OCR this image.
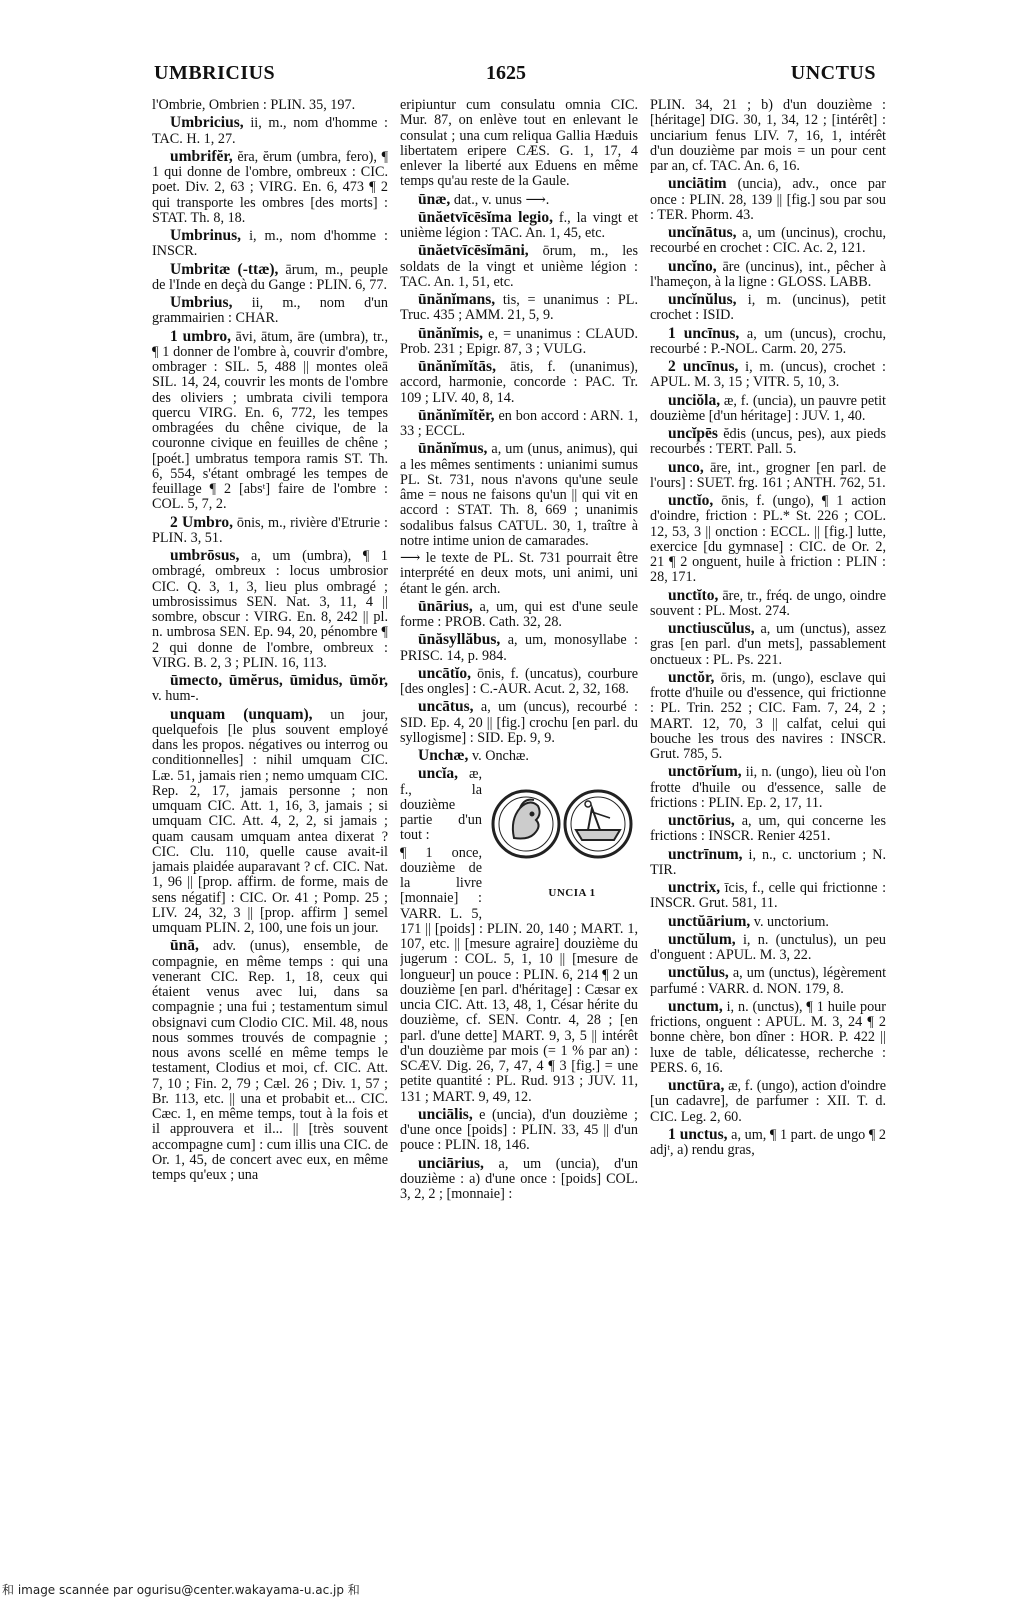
UMBRICIUS	1625	UNCTUS

l'Ombrie, Ombrien : PLIN. 35, 197.

Umbricius, ii, m., nom d'homme : TAC. H. 1, 27.

umbrifĕr, ĕra, ĕrum (umbra, fero), ¶ 1 qui donne de l'ombre, ombreux : CIC. poet. Div. 2, 63 ; VIRG. En. 6, 473 ¶ 2 qui transporte les ombres [des morts] : STAT. Th. 8, 18.

Umbrinus, i, m., nom d'homme : INSCR.

Umbritæ (-ttæ), ārum, m., peuple de l'Inde en deçà du Gange : PLIN. 6, 77.

Umbrius, ii, m., nom d'un grammairien : CHAR.

1 umbro, āvi, ātum, āre (umbra), tr., ¶ 1 donner de l'ombre à, couvrir d'ombre, ombrager : SIL. 5, 488 || montes oleā SIL. 14, 24, couvrir les monts de l'ombre des oliviers ; umbrata civili tempora quercu VIRG. En. 6, 772, les tempes ombragées du chêne civique, de la couronne civique en feuilles de chêne ; [poét.] umbratus tempora ramis ST. Th. 6, 554, s'étant ombragé les tempes de feuillage ¶ 2 [absᵗ] faire de l'ombre : COL. 5, 7, 2.

2 Umbro, ōnis, m., rivière d'Etrurie : PLIN. 3, 51.

umbrōsus, a, um (umbra), ¶ 1 ombragé, ombreux : locus umbrosior CIC. Q. 3, 1, 3, lieu plus ombragé ; umbrosissimus SEN. Nat. 3, 11, 4 || sombre, obscur : VIRG. En. 8, 242 || pl. n. umbrosa SEN. Ep. 94, 20, pénombre ¶ 2 qui donne de l'ombre, ombreux : VIRG. B. 2, 3 ; PLIN. 16, 113.

ūmecto, ūmĕrus, ūmidus, ūmŏr, v. hum-.

unquam (unquam), un jour, quelquefois [le plus souvent employé dans les propos. négatives ou interrog ou conditionnelles] : nihil umquam CIC. Læ. 51, jamais rien ; nemo umquam CIC. Rep. 2, 17, jamais personne ; non umquam CIC. Att. 1, 16, 3, jamais ; si umquam CIC. Att. 4, 2, 2, si jamais ; quam causam umquam antea dixerat ? CIC. Clu. 110, quelle cause avait-il jamais plaidée auparavant ? cf. CIC. Nat. 1, 96 || [prop. affirm. de forme, mais de sens négatif] : CIC. Or. 41 ; Pomp. 25 ; LIV. 24, 32, 3 || [prop. affirm ] semel umquam PLIN. 2, 100, une fois un jour.

ūnā, adv. (unus), ensemble, de compagnie, en même temps : qui una venerant CIC. Rep. 1, 18, ceux qui étaient venus avec lui, dans sa compagnie ; una fui ; testamentum simul obsignavi cum Clodio CIC. Mil. 48, nous nous sommes trouvés de compagnie ; nous avons scellé en même temps le testament, Clodius et moi, cf. CIC. Att. 7, 10 ; Fin. 2, 79 ; Cæl. 26 ; Div. 1, 57 ; Br. 113, etc. || una et probabit et... CIC. Cæc. 1, en même temps, tout à la fois et il approuvera et il... || [très souvent accompagne cum] : cum illis una CIC. de Or. 1, 45, de concert avec eux, en même temps qu'eux ; una

eripiuntur cum consulatu omnia CIC. Mur. 87, on enlève tout en enlevant le consulat ; una cum reliqua Gallia Hæduis libertatem eripere CÆS. G. 1, 17, 4 enlever la liberté aux Eduens en même temps qu'au reste de la Gaule.

ūnæ, dat., v. unus ⟶.

ūnăetvīcēsĭma legio, f., la vingt et unième légion : TAC. An. 1, 45, etc.

ūnăetvīcēsĭmāni, ōrum, m., les soldats de la vingt et unième légion : TAC. An. 1, 51, etc.

ūnănĭmans, tis, = unanimus : PL. Truc. 435 ; AMM. 21, 5, 9.

ūnănĭmis, e, = unanimus : CLAUD. Prob. 231 ; Epigr. 87, 3 ; VULG.

ūnănĭmĭtās, ātis, f. (unanimus), accord, harmonie, concorde : PAC. Tr. 109 ; LIV. 40, 8, 14.

ūnănĭmĭtĕr, en bon accord : ARN. 1, 33 ; ECCL.

ūnănĭmus, a, um (unus, animus), qui a les mêmes sentiments : unianimi sumus PL. St. 731, nous n'avons qu'une seule âme = nous ne faisons qu'un || qui vit en accord : STAT. Th. 8, 669 ; unanimis sodalibus falsus CATUL. 30, 1, traître à notre intime union de camarades.

⟶ le texte de PL. St. 731 pourrait être interprété en deux mots, uni animi, uni étant le gén. arch.

ūnārius, a, um, qui est d'une seule forme : PROB. Cath. 32, 28.

ūnăsyllăbus, a, um, monosyllabe : PRISC. 14, p. 984.

uncātĭo, ōnis, f. (uncatus), courbure [des ongles] : C.-AUR. Acut. 2, 32, 168.

uncātus, a, um (uncus), recourbé : SID. Ep. 4, 20 || [fig.] crochu [en parl. du syllogisme] : SID. Ep. 9, 9.

Unchæ, v. Onchæ.

UNCIA 1
uncĭa, æ, f., la douzième partie d'un tout :

¶ 1 once, douzième de la livre [monnaie] : VARR. L. 5, 171 || [poids] : PLIN. 20, 140 ; MART. 1, 107, etc. || [mesure agraire] douzième du jugerum : COL. 5, 1, 10 || [mesure de longueur] un pouce : PLIN. 6, 214 ¶ 2 un douzième [en parl. d'héritage] : Cæsar ex uncia CIC. Att. 13, 48, 1, César hérite du douzième, cf. SEN. Contr. 4, 28 ; [en parl. d'une dette] MART. 9, 3, 5 || intérêt d'un douzième par mois (= 1 % par an) : SCÆV. Dig. 26, 7, 47, 4 ¶ 3 [fig.] = une petite quantité : PL. Rud. 913 ; JUV. 11, 131 ; MART. 9, 49, 12.

unciālis, e (uncia), d'un douzième ; d'une once [poids] : PLIN. 33, 45 || d'un pouce : PLIN. 18, 146.

unciārius, a, um (uncia), d'un douzième : a) d'une once : [poids] COL. 3, 2, 2 ; [monnaie] :

PLIN. 34, 21 ; b) d'un douzième : [héritage] DIG. 30, 1, 34, 12 ; [intérêt] : unciarium fenus LIV. 7, 16, 1, intérêt d'un douzième par mois = un pour cent par an, cf. TAC. An. 6, 16.

unciātim (uncia), adv., once par once : PLIN. 28, 139 || [fig.] sou par sou : TER. Phorm. 43.

uncĭnātus, a, um (uncinus), crochu, recourbé en crochet : CIC. Ac. 2, 121.

uncĭno, āre (uncinus), int., pêcher à l'hameçon, à la ligne : GLOSS. LABB.

uncĭnŭlus, i, m. (uncinus), petit crochet : ISID.

1 uncīnus, a, um (uncus), crochu, recourbé : P.-NOL. Carm. 20, 275.

2 uncīnus, i, m. (uncus), crochet : APUL. M. 3, 15 ; VITR. 5, 10, 3.

unciŏla, æ, f. (uncia), un pauvre petit douzième [d'un héritage] : JUV. 1, 40.

uncĭpēs ĕdis (uncus, pes), aux pieds recourbés : TERT. Pall. 5.

unco, āre, int., grogner [en parl. de l'ours] : SUET. frg. 161 ; ANTH. 762, 51.

unctĭo, ōnis, f. (ungo), ¶ 1 action d'oindre, friction : PL.* St. 226 ; COL. 12, 53, 3 || onction : ECCL. || [fig.] lutte, exercice [du gymnase] : CIC. de Or. 2, 21 ¶ 2 onguent, huile à friction : PLIN : 28, 171.

unctĭto, āre, tr., fréq. de ungo, oindre souvent : PL. Most. 274.

unctiuscŭlus, a, um (unctus), assez gras [en parl. d'un mets], passablement onctueux : PL. Ps. 221.

unctŏr, ōris, m. (ungo), esclave qui frotte d'huile ou d'essence, qui frictionne : PL. Trin. 252 ; CIC. Fam. 7, 24, 2 ; MART. 12, 70, 3 || calfat, celui qui bouche les trous des navires : INSCR. Grut. 785, 5.

unctōrĭum, ii, n. (ungo), lieu où l'on frotte d'huile ou d'essence, salle de frictions : PLIN. Ep. 2, 17, 11.

unctōrius, a, um, qui concerne les frictions : INSCR. Renier 4251.

unctrīnum, i, n., c. unctorium ; N. TIR.

unctrix, īcis, f., celle qui frictionne : INSCR. Grut. 581, 11.

unctŭārium, v. unctorium.

unctŭlum, i, n. (unctulus), un peu d'onguent : APUL. M. 3, 22.

unctŭlus, a, um (unctus), légèrement parfumé : VARR. d. NON. 179, 8.

unctum, i, n. (unctus), ¶ 1 huile pour frictions, onguent : APUL. M. 3, 24 ¶ 2 bonne chère, bon dîner : HOR. P. 422 || luxe de table, délicatesse, recherche : PERS. 6, 16.

unctūra, æ, f. (ungo), action d'oindre [un cadavre], de parfumer : XII. T. d. CIC. Leg. 2, 60.

1 unctus, a, um, ¶ 1 part. de ungo ¶ 2 adjᵗ, a) rendu gras,

和 image scannée par ogurisu@center.wakayama-u.ac.jp 和
